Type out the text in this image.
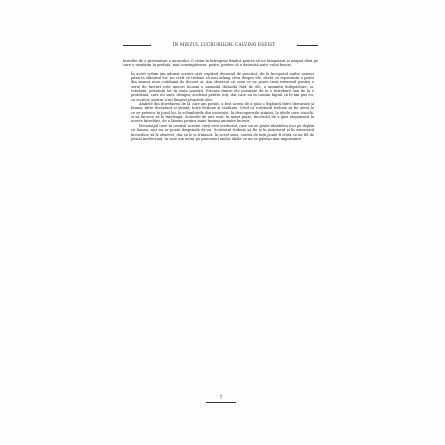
ÎN MIEZUL LUCRURILOR: CALVINO ESEIST
înrudite de o prezentare a autorului. O citim în întregime fiindcă pentru că ne luminează și asupra ideii pe care o urmărim în prefață, mai convingătoare, poate, pentru că e datorată auto- rului însuși:

În acest volum am adunat scrieri care cuprind deceniul de practică, de la începutul anilor șaizeci până la sfârșitul lor; nu cred că trebuie să mai adaug ceva despre ele, decât că reprezintă o parte din munca mea cotidiană de fiecare zi. Am observat că ceea ce ne poate trezi interesul pentru o serie de lucruri este uneori tocmai o anumită distanță față de ele, o anumită îndepărtare, și, totodată, prezența lor în viața noastră. Fiecare dintre ele pornește de la o întrebare sau de la o problemă, care nu sunt, desigur, aceleași pentru toți, dar care au în comun faptul că le-am pus eu, ca scriitor, pentru a-mi limpezi propriile idei.

Ambele din întrebarea de la care am pornit, a fost aceea de a găsi o legătură între literatură și lumea, între literatură și știință, între ficțiune și realitate. Cred că scriitorul trebuie să fie atent la ce se petrece în jurul lui, la schimbările din societate, la descoperirile științei, la ideile care circulă, și să încerce să le înțeleagă. Scrierile de aici sunt, în mare parte, încercări de a găsi răspunsuri la aceste întrebări, de a lămuri pentru mine însumi anumite lucruri.

Personajul care în centrul acestei cărți este scriitorul, care nu se poate identifica nici pe deplin cu lumea, nici nu se poate desprinde de ea. Scriitorul trebuie să fie și în interiorul și în exteriorul lucrurilor, să le observe, dar să le și trăiască. În acest sens, cartea de față poate fi citită ca un fel de jurnal intelectual, în care am notat pe parcursul anilor ideile ce mi se păreau mai importante.

7
